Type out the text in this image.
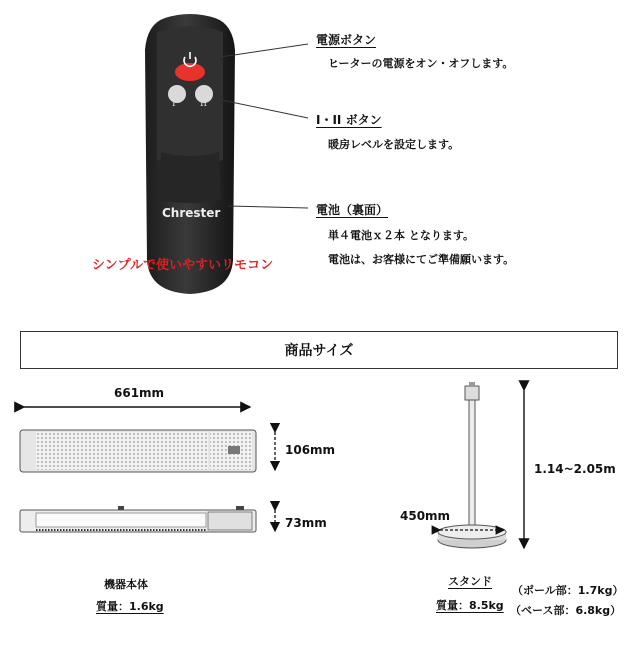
I	II
Chrester
シンプルで使いやすいリモコン
電源ボタン
ヒーターの電源をオン・オフします。
I・II ボタン
暖房レベルを設定します。
電池（裏面）
単４電池ｘ２本 となります。
電池は、お客様にてご準備願います。
商品サイズ
661mm
106mm
73mm
機器本体
質量：1.6kg
1.14~2.05m
450mm
スタンド
質量：8.5kg
（ポール部：1.7kg）
（ベース部：6.8kg）
